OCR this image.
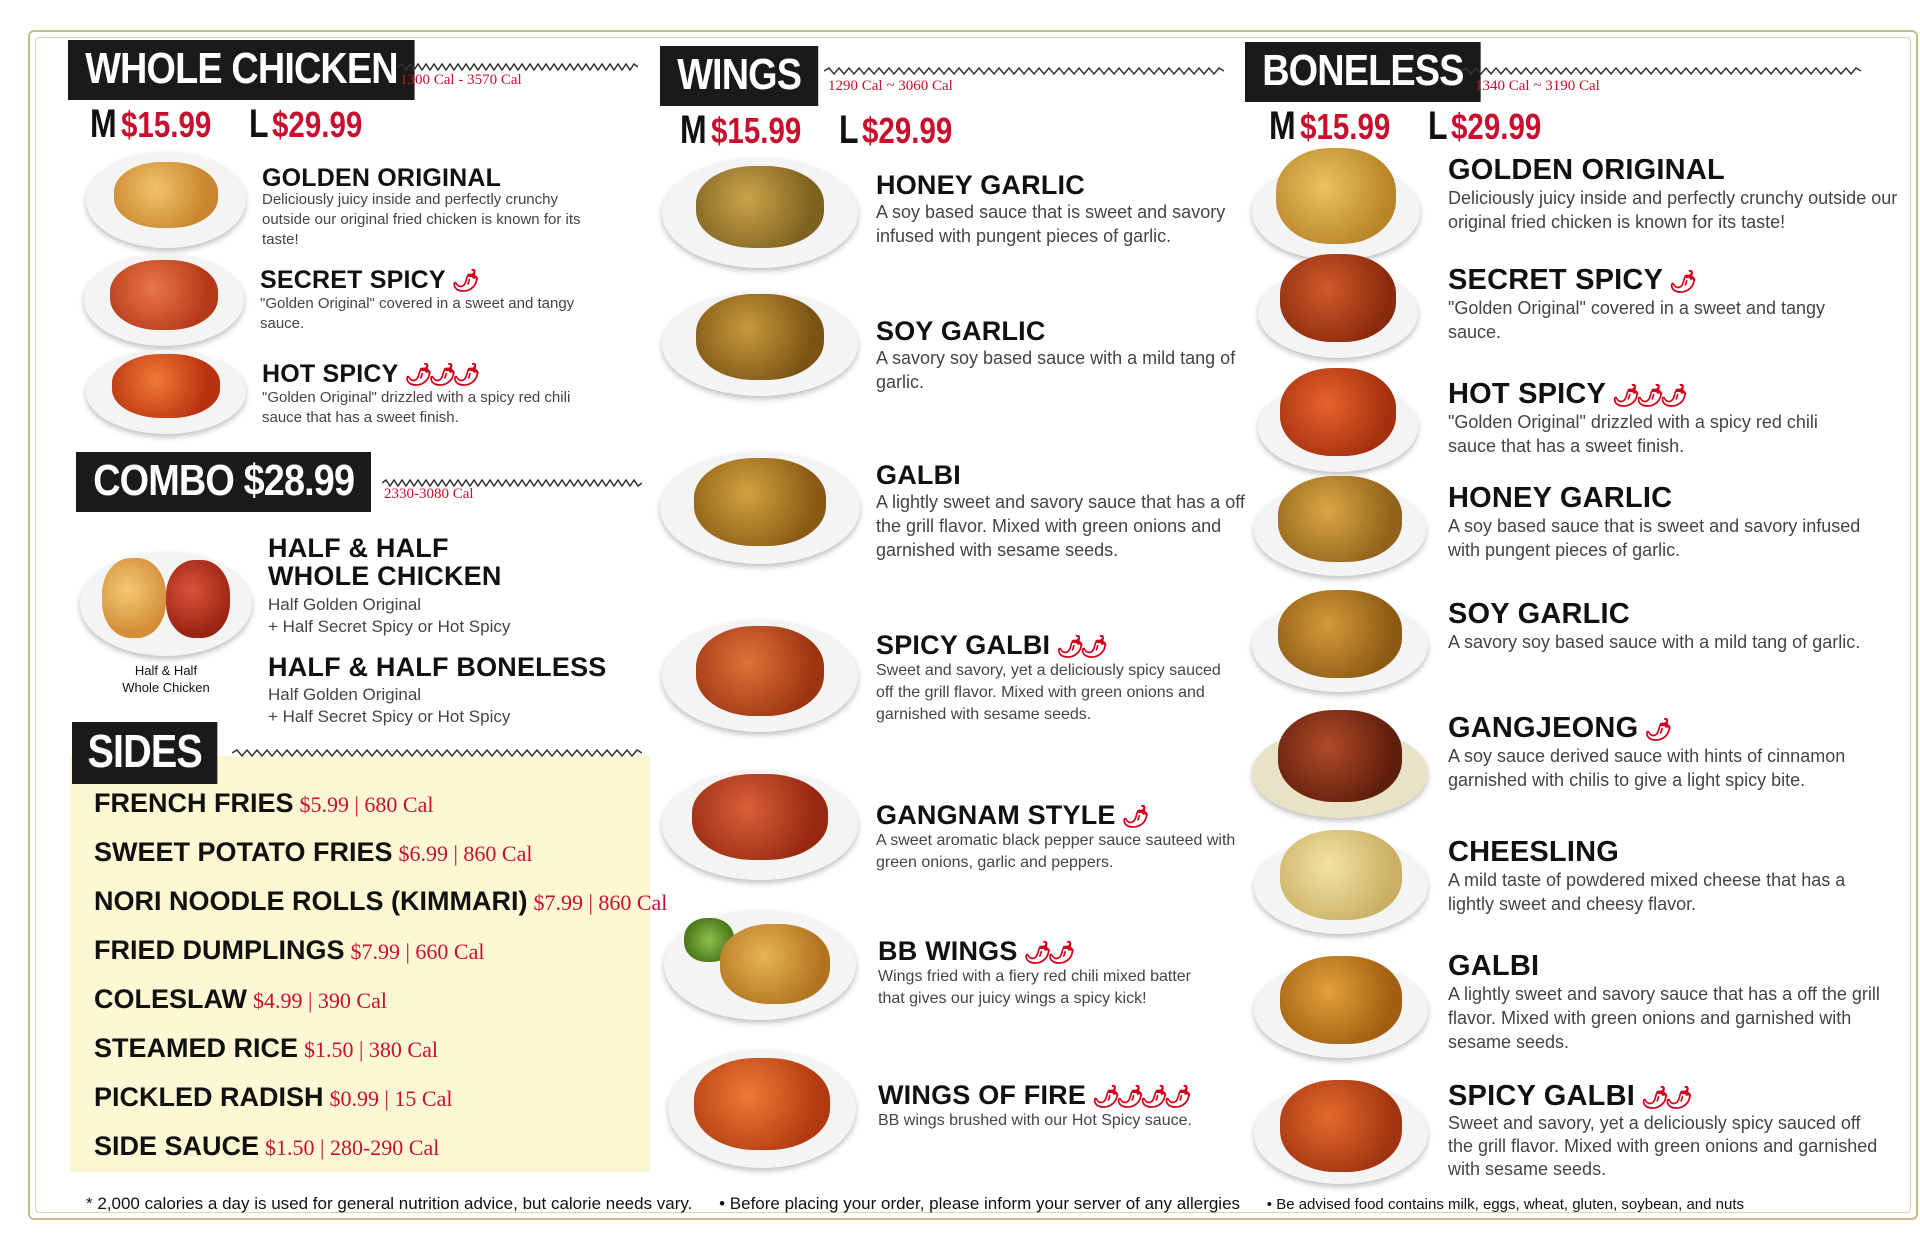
WHOLE CHICKEN 1300 Cal - 3570 Cal
M $15.99 L $29.99
GOLDEN ORIGINAL
Deliciously juicy inside and perfectly crunchy outside our original fried chicken is known for its taste!
SECRET SPICY 🌶
"Golden Original" covered in a sweet and tangy sauce.
HOT SPICY 🌶🌶🌶
"Golden Original" drizzled with a spicy red chili sauce that has a sweet finish.
COMBO $28.99	2330-3080 Cal
Half & Half
Whole Chicken
HALF & HALF
WHOLE CHICKEN
Half Golden Original
+ Half Secret Spicy or Hot Spicy
HALF & HALF BONELESS
Half Golden Original
+ Half Secret Spicy or Hot Spicy
FRENCH FRIES $5.99 | 680 Cal
SWEET POTATO FRIES $6.99 | 860 Cal
NORI NOODLE ROLLS (KIMMARI) $7.99 | 860 Cal
FRIED DUMPLINGS $7.99 | 660 Cal
COLESLAW $4.99 | 390 Cal
STEAMED RICE $1.50 | 380 Cal
PICKLED RADISH $0.99 | 15 Cal
SIDE SAUCE $1.50 | 280-290 Cal
SIDES
WINGS	1290 Cal ~ 3060 Cal
M $15.99 L $29.99
HONEY GARLIC
A soy based sauce that is sweet and savory infused with pungent pieces of garlic.
SOY GARLIC
A savory soy based sauce with a mild tang of garlic.
GALBI
A lightly sweet and savory sauce that has a off the grill flavor. Mixed with green onions and garnished with sesame seeds.
SPICY GALBI 🌶🌶
Sweet and savory, yet a deliciously spicy sauced off the grill flavor. Mixed with green onions and garnished with sesame seeds.
GANGNAM STYLE 🌶
A sweet aromatic black pepper sauce sauteed with green onions, garlic and peppers.
BB WINGS 🌶🌶
Wings fried with a fiery red chili mixed batter that gives our juicy wings a spicy kick!
WINGS OF FIRE 🌶🌶🌶🌶
BB wings brushed with our Hot Spicy sauce.
BONELESS 1340 Cal ~ 3190 Cal
M $15.99 L $29.99
GOLDEN ORIGINAL
Deliciously juicy inside and perfectly crunchy outside our original fried chicken is known for its taste!
SECRET SPICY 🌶
"Golden Original" covered in a sweet and tangy sauce.
HOT SPICY 🌶🌶🌶
"Golden Original" drizzled with a spicy red chili sauce that has a sweet finish.
HONEY GARLIC
A soy based sauce that is sweet and savory infused with pungent pieces of garlic.
SOY GARLIC
A savory soy based sauce with a mild tang of garlic.
GANGJEONG 🌶
A soy sauce derived sauce with hints of cinnamon garnished with chilis to give a light spicy bite.
CHEESLING
A mild taste of powdered mixed cheese that has a lightly sweet and cheesy flavor.
GALBI
A lightly sweet and savory sauce that has a off the grill flavor. Mixed with green onions and garnished with sesame seeds.
SPICY GALBI 🌶🌶
Sweet and savory, yet a deliciously spicy sauced off the grill flavor. Mixed with green onions and garnished with sesame seeds.
* 2,000 calories a day is used for general nutrition advice, but calorie needs vary. • Before placing your order, please inform your server of any allergies • Be advised food contains milk, eggs, wheat, gluten, soybean, and nuts
